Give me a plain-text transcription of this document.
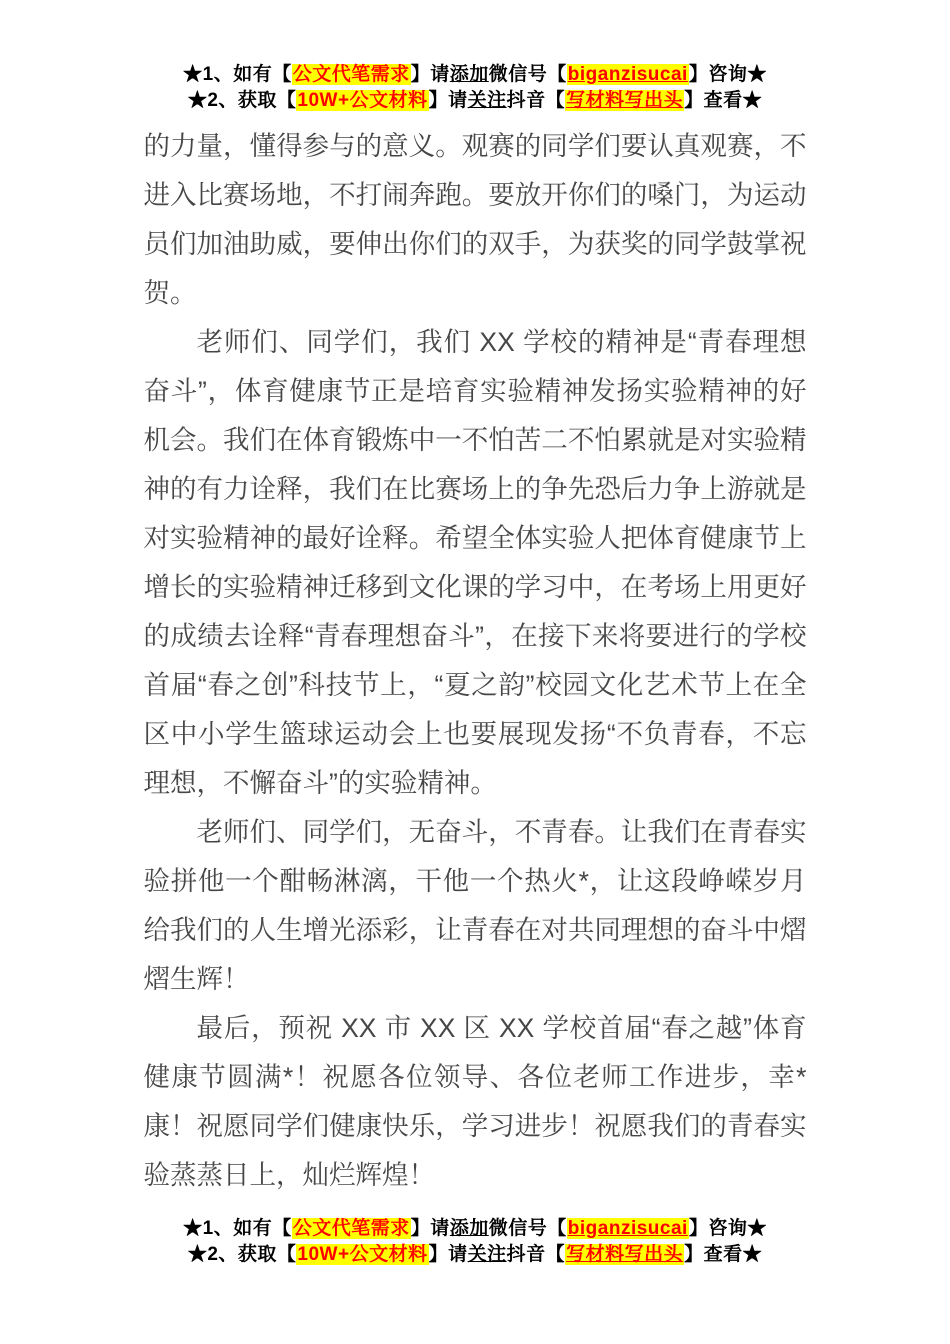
★1、如有【公文代笔需求】请添加微信号【biganzisucai】咨询★
★2、获取【10W+公文材料】请关注抖音【写材料写出头】查看★

的力量，懂得参与的意义。观赛的同学们要认真观赛，不进入比赛场地，不打闹奔跑。要放开你们的嗓门，为运动员们加油助威，要伸出你们的双手，为获奖的同学鼓掌祝贺。

老师们、同学们，我们 XX 学校的精神是“青春理想奋斗”，体育健康节正是培育实验精神发扬实验精神的好机会。我们在体育锻炼中一不怕苦二不怕累就是对实验精神的有力诠释，我们在比赛场上的争先恐后力争上游就是对实验精神的最好诠释。希望全体实验人把体育健康节上增长的实验精神迁移到文化课的学习中，在考场上用更好的成绩去诠释“青春理想奋斗”，在接下来将要进行的学校首届“春之创”科技节上，“夏之韵”校园文化艺术节上在全区中小学生篮球运动会上也要展现发扬“不负青春，不忘理想，不懈奋斗”的实验精神。

老师们、同学们，无奋斗，不青春。让我们在青春实验拼他一个酣畅淋漓，干他一个热火*，让这段峥嵘岁月给我们的人生增光添彩，让青春在对共同理想的奋斗中熠熠生辉！

最后，预祝 XX 市 XX 区 XX 学校首届“春之越”体育健康节圆满*！祝愿各位领导、各位老师工作进步，幸*康！祝愿同学们健康快乐，学习进步！祝愿我们的青春实验蒸蒸日上，灿烂辉煌！

★1、如有【公文代笔需求】请添加微信号【biganzisucai】咨询★
★2、获取【10W+公文材料】请关注抖音【写材料写出头】查看★
